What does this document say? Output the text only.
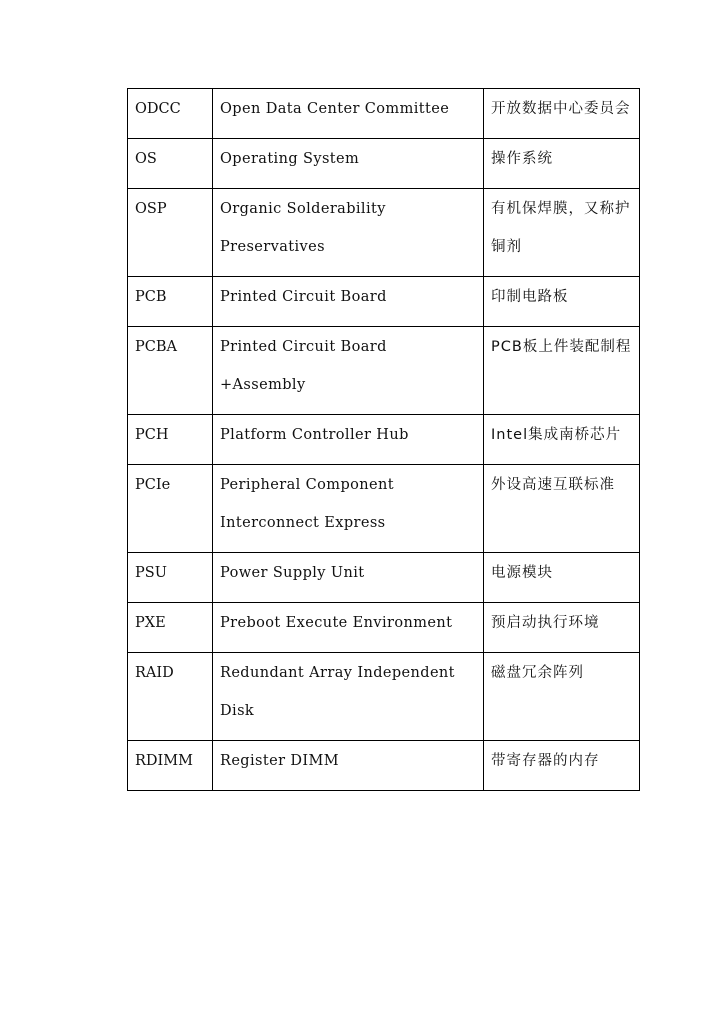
ODCC	Open Data Center Committee	开放数据中心委员会

OS	Operating System	操作系统

OSP	Organic Solderability Preservatives	有机保焊膜，又称护铜剂

PCB	Printed Circuit Board	印制电路板

PCBA	Printed Circuit Board +Assembly	PCB板上件装配制程

PCH	Platform Controller Hub	Intel集成南桥芯片

PCIe	Peripheral Component Interconnect Express	外设高速互联标准

PSU	Power Supply Unit	电源模块

PXE	Preboot Execute Environment	预启动执行环境

RAID	Redundant Array Independent Disk	磁盘冗余阵列

RDIMM	Register DIMM	带寄存器的内存
